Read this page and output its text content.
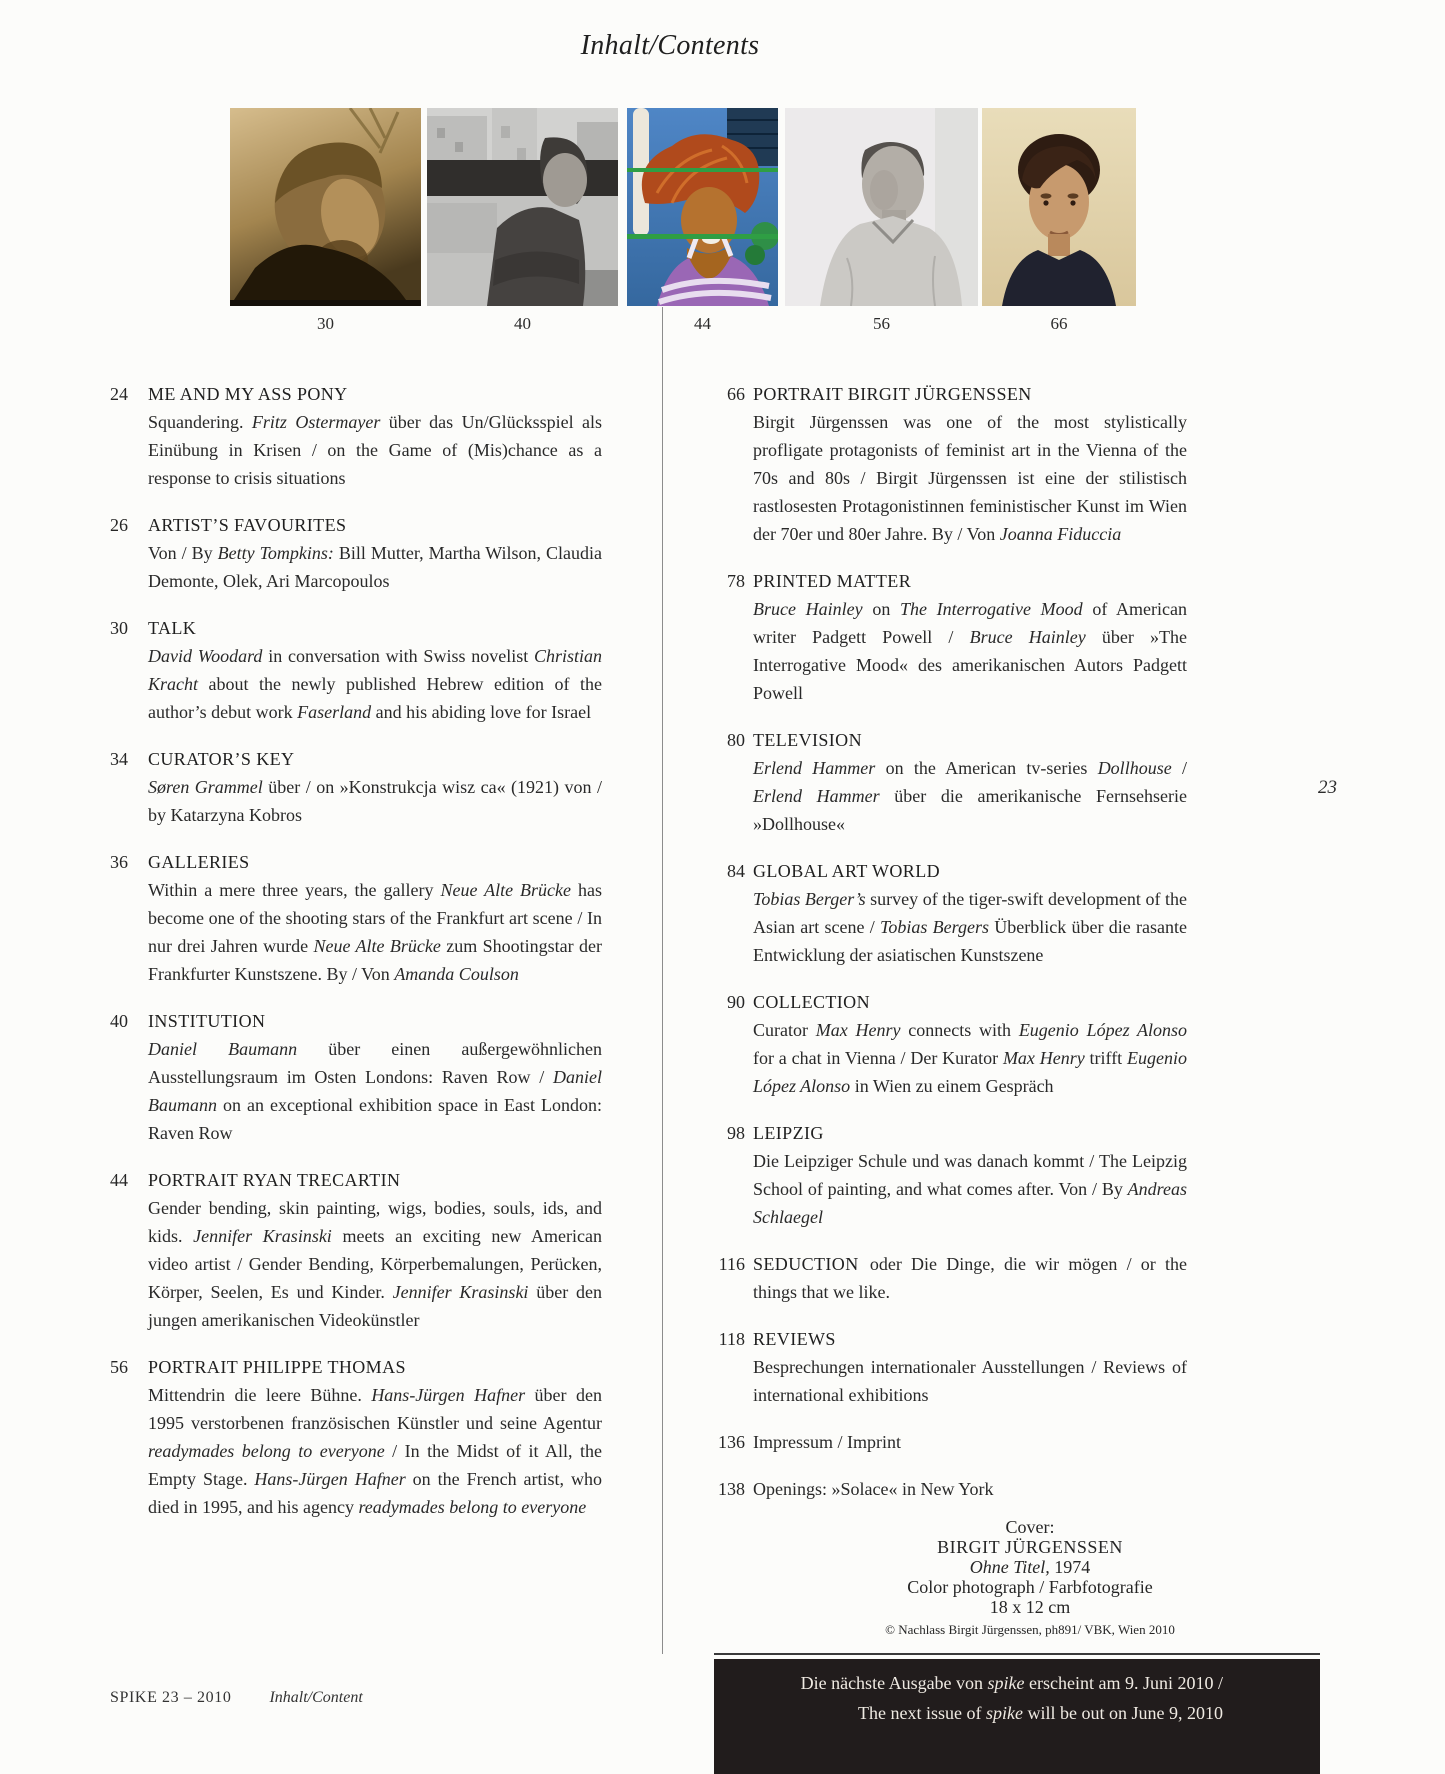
Inhalt/Contents
30	40	44	56	66
24	ME AND MY ASS PONY

Squandering. Fritz Ostermayer über das Un/Glücksspiel als Einübung in Krisen / on the Game of (Mis)chance as a response to crisis situations

26	ARTIST’S FAVOURITES

Von / By Betty Tompkins: Bill Mutter, Martha Wilson, Claudia Demonte, Olek, Ari Marcopoulos

30	TALK

David Woodard in conversation with Swiss novelist Christian Kracht about the newly published Hebrew edition of the author’s debut work Faserland and his abiding love for Israel

34	CURATOR’S KEY

Søren Grammel über / on »Konstrukcja wisz ca« (1921) von / by Katarzyna Kobros

36	GALLERIES

Within a mere three years, the gallery Neue Alte Brücke has become one of the shooting stars of the Frankfurt art scene / In nur drei Jahren wurde Neue Alte Brücke zum Shootingstar der Frankfurter Kunstszene. By / Von Amanda Coulson

40	INSTITUTION

Daniel Baumann über einen außergewöhnlichen Ausstellungsraum im Osten Londons: Raven Row / Daniel Baumann on an exceptional exhibition space in East London: Raven Row

44	PORTRAIT RYAN TRECARTIN

Gender bending, skin painting, wigs, bodies, souls, ids, and kids. Jennifer Krasinski meets an exciting new American video artist / Gender Bending, Körperbemalungen, Perücken, Körper, Seelen, Es und Kinder. Jennifer Krasinski über den jungen amerikanischen Videokünstler

56	PORTRAIT PHILIPPE THOMAS

Mittendrin die leere Bühne. Hans-Jürgen Hafner über den 1995 verstorbenen französischen Künstler und seine Agentur readymades belong to everyone / In the Midst of it All, the Empty Stage. Hans-Jürgen Hafner on the French artist, who died in 1995, and his agency readymades belong to everyone

66 PORTRAIT BIRGIT JÜRGENSSEN

Birgit Jürgenssen was one of the most stylistically profligate protagonists of feminist art in the Vienna of the 70s and 80s / Birgit Jürgenssen ist eine der stilistisch rastlosesten Protagonistinnen feministischer Kunst im Wien der 70er und 80er Jahre. By / Von Joanna Fiduccia

78 PRINTED MATTER

Bruce Hainley on The Interrogative Mood of American writer Padgett Powell / Bruce Hainley über »The Interrogative Mood« des amerikanischen Autors Padgett Powell

80 TELEVISION

Erlend Hammer on the American tv-series Dollhouse / Erlend Hammer über die amerikanische Fernsehserie »Dollhouse«

84 GLOBAL ART WORLD

Tobias Berger’s survey of the tiger-swift development of the Asian art scene / Tobias Bergers Überblick über die rasante Entwicklung der asiatischen Kunstszene

90 COLLECTION

Curator Max Henry connects with Eugenio López Alonso for a chat in Vienna / Der Kurator Max Henry trifft Eugenio López Alonso in Wien zu einem Gespräch

98 LEIPZIG

Die Leipziger Schule und was danach kommt / The Leipzig School of painting, and what comes after. Von / By Andreas Schlaegel

116 SEDUCTION oder Die Dinge, die wir mögen / or the things that we like.

118 REVIEWS

Besprechungen internationaler Ausstellungen / Reviews of international exhibitions

136 Impressum / Imprint

138 Openings: »Solace« in New York

23
Cover:
BIRGIT JÜRGENSSEN
Ohne Titel, 1974
Color photograph / Farbfotografie
18 x 12 cm
© Nachlass Birgit Jürgenssen, ph891/ VBK, Wien 2010
Die nächste Ausgabe von spike erscheint am 9. Juni 2010 /
The next issue of spike will be out on June 9, 2010
SPIKE 23 – 2010 Inhalt/Content
